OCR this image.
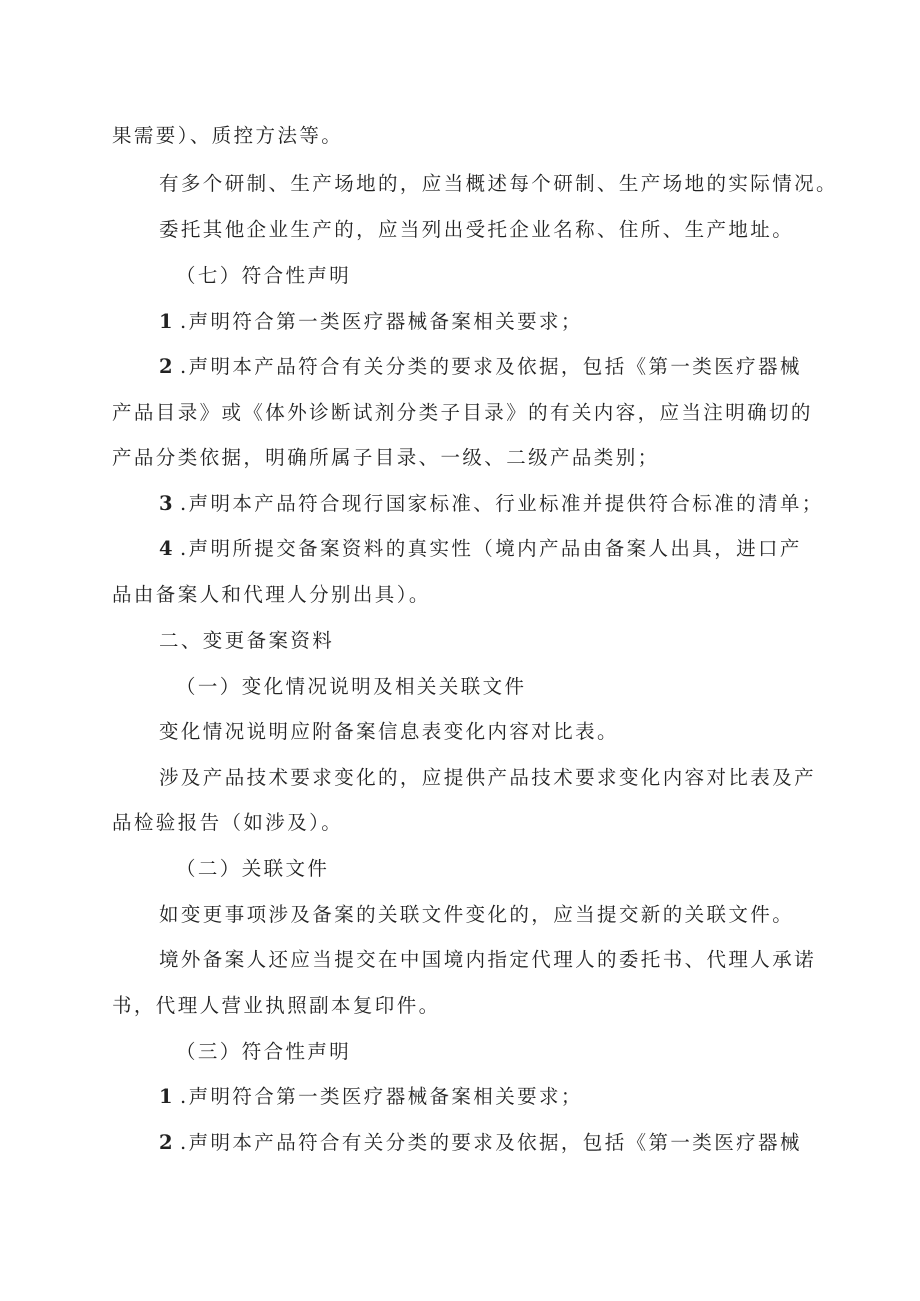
果需要）、质控方法等。
有多个研制、生产场地的，应当概述每个研制、生产场地的实际情况。
委托其他企业生产的，应当列出受托企业名称、住所、生产地址。
（七）符合性声明
1 .声明符合第一类医疗器械备案相关要求；
2 .声明本产品符合有关分类的要求及依据，包括《第一类医疗器械
产品目录》或《体外诊断试剂分类子目录》的有关内容，应当注明确切的
产品分类依据，明确所属子目录、一级、二级产品类别；
3 .声明本产品符合现行国家标准、行业标准并提供符合标准的清单；
4 .声明所提交备案资料的真实性（境内产品由备案人出具，进口产
品由备案人和代理人分别出具）。
二、变更备案资料
（一）变化情况说明及相关关联文件
变化情况说明应附备案信息表变化内容对比表。
涉及产品技术要求变化的，应提供产品技术要求变化内容对比表及产
品检验报告（如涉及）。
（二）关联文件
如变更事项涉及备案的关联文件变化的，应当提交新的关联文件。
境外备案人还应当提交在中国境内指定代理人的委托书、代理人承诺
书，代理人营业执照副本复印件。
（三）符合性声明
1 .声明符合第一类医疗器械备案相关要求；
2 .声明本产品符合有关分类的要求及依据，包括《第一类医疗器械
